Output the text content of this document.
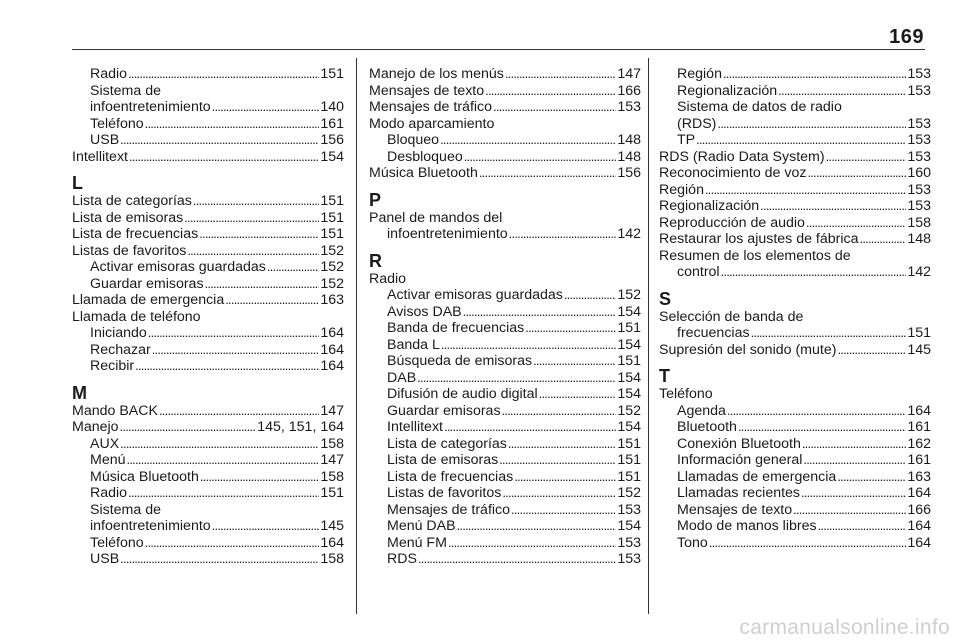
169
Radio . . .	151
Sistema de
infoentretenimiento . . .	140
Teléfono . . .	161
USB . . .	156
Intellitext . . .	154
L
Lista de categorías . . .	151
Lista de emisoras . . .	151
Lista de frecuencias . . .	151
Listas de favoritos . . .	152
Activar emisoras guardadas . . .	152
Guardar emisoras . . .	152
Llamada de emergencia . . .	163
Llamada de teléfono
Iniciando . . .	164
Rechazar . . .	164
Recibir . . .	164
M
Mando BACK . . .	147
Manejo . . .	145, 151, 164
AUX . . .	158
Menú . . .	147
Música Bluetooth . . .	158
Radio . . .	151
Sistema de
infoentretenimiento . . .	145
Teléfono . . .	164
USB . . .	158
Manejo de los menús . . .	147
Mensajes de texto . . .	166
Mensajes de tráfico . . .	153
Modo aparcamiento
Bloqueo . . .	148
Desbloqueo . . .	148
Música Bluetooth . . .	156
P
Panel de mandos del
infoentretenimiento . . .	142
R
Radio
Activar emisoras guardadas . . .	152
Avisos DAB . . .	154
Banda de frecuencias . . .	151
Banda L . . .	154
Búsqueda de emisoras . . .	151
DAB . . .	154
Difusión de audio digital . . .	154
Guardar emisoras . . .	152
Intellitext . . .	154
Lista de categorías . . .	151
Lista de emisoras . . .	151
Lista de frecuencias . . .	151
Listas de favoritos . . .	152
Mensajes de tráfico . . .	153
Menú DAB . . .	154
Menú FM . . .	153
RDS . . .	153
Región . . .	153
Regionalización . . .	153
Sistema de datos de radio
(RDS) . . .	153
TP . . .	153
RDS (Radio Data System) . . .	153
Reconocimiento de voz . . .	160
Región . . .	153
Regionalización . . .	153
Reproducción de audio . . .	158
Restaurar los ajustes de fábrica . . .	148
Resumen de los elementos de
control . . .	142
S
Selección de banda de
frecuencias . . .	151
Supresión del sonido (mute) . . .	145
T
Teléfono
Agenda . . .	164
Bluetooth . . .	161
Conexión Bluetooth . . .	162
Información general . . .	161
Llamadas de emergencia . . .	163
Llamadas recientes . . .	164
Mensajes de texto . . .	166
Modo de manos libres . . .	164
Tono . . .	164
carmanualsonline.info
